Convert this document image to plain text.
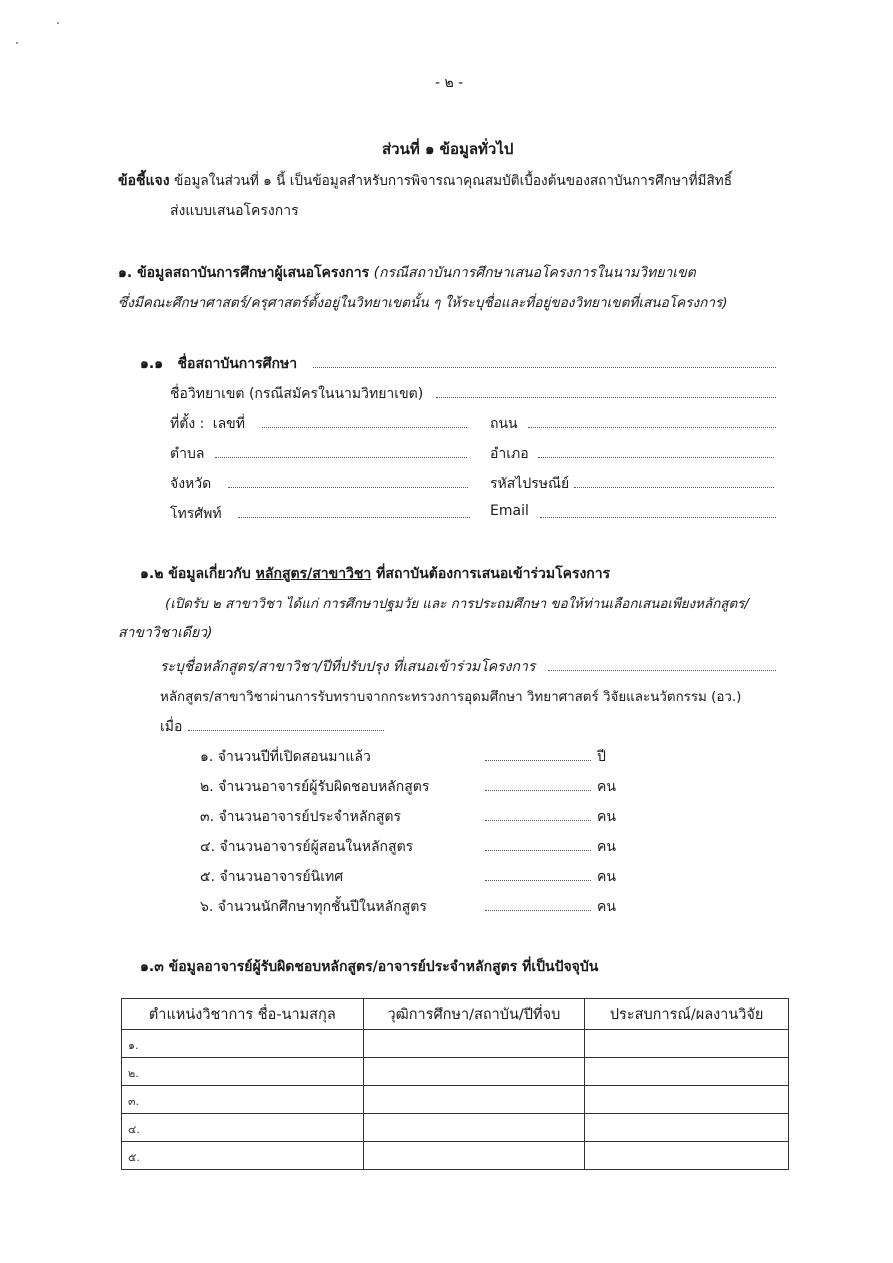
- ๒ -
ส่วนที่ ๑ ข้อมูลทั่วไป
ข้อชี้แจง ข้อมูลในส่วนที่ ๑ นี้ เป็นข้อมูลสำหรับการพิจารณาคุณสมบัติเบื้องต้นของสถาบันการศึกษาที่มีสิทธิ์
ส่งแบบเสนอโครงการ
๑. ข้อมูลสถาบันการศึกษาผู้เสนอโครงการ (กรณีสถาบันการศึกษาเสนอโครงการในนามวิทยาเขต
ซึ่งมีคณะศึกษาศาสตร์/ครุศาสตร์ตั้งอยู่ในวิทยาเขตนั้น ๆ ให้ระบุชื่อและที่อยู่ของวิทยาเขตที่เสนอโครงการ)
๑.๑ ชื่อสถาบันการศึกษา
ชื่อวิทยาเขต (กรณีสมัครในนามวิทยาเขต)
ที่ตั้ง : เลขที่	ถนน
ตำบล	อำเภอ
จังหวัด	รหัสไปรษณีย์
โทรศัพท์	Email
๑.๒ ข้อมูลเกี่ยวกับ หลักสูตร/สาขาวิชา ที่สถาบันต้องการเสนอเข้าร่วมโครงการ
(เปิดรับ ๒ สาขาวิชา ได้แก่ การศึกษาปฐมวัย และ การประถมศึกษา ขอให้ท่านเลือกเสนอเพียงหลักสูตร/
สาขาวิชาเดียว)
ระบุชื่อหลักสูตร/สาขาวิชา/ปีที่ปรับปรุง ที่เสนอเข้าร่วมโครงการ
หลักสูตร/สาขาวิชาผ่านการรับทราบจากกระทรวงการอุดมศึกษา วิทยาศาสตร์ วิจัยและนวัตกรรม (อว.)
เมื่อ
๑. จำนวนปีที่เปิดสอนมาแล้ว	ปี
๒. จำนวนอาจารย์ผู้รับผิดชอบหลักสูตร	คน
๓. จำนวนอาจารย์ประจำหลักสูตร	คน
๔. จำนวนอาจารย์ผู้สอนในหลักสูตร	คน
๕. จำนวนอาจารย์นิเทศ	คน
๖. จำนวนนักศึกษาทุกชั้นปีในหลักสูตร	คน
๑.๓ ข้อมูลอาจารย์ผู้รับผิดชอบหลักสูตร/อาจารย์ประจำหลักสูตร ที่เป็นปัจจุบัน
ตำแหน่งวิชาการ ชื่อ-นามสกุล	วุฒิการศึกษา/สถาบัน/ปีที่จบ	ประสบการณ์/ผลงานวิจัย
๑.		
๒.		
๓.		
๔.		
๕.		
